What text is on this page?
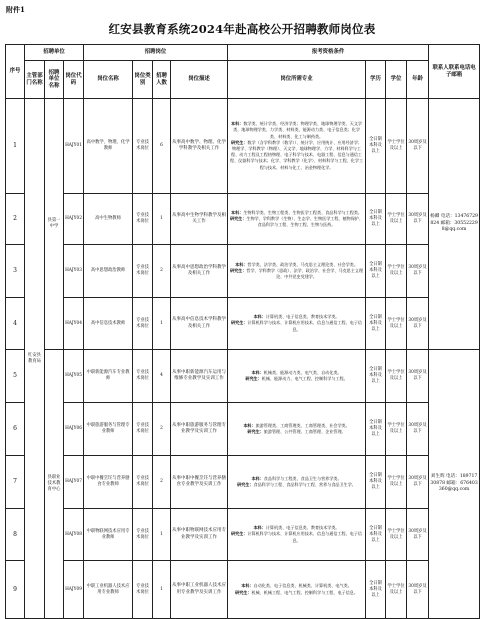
附件1
红安县教育系统2024年赴高校公开招聘教师岗位表
序号	招聘单位			招聘岗位				报考资格条件				联系人联系电话电子邮箱
	主管部门名称	招聘单位名称	岗位代码	岗位名称	岗位类别	招聘人数	岗位描述	岗位所需专业	学历	学位	年龄	
1	红安县教育局	县第一中学	HAJY01	高中数学、物理、化学教师	专业技术岗位	6	从事高中数学、物理、化学学科教学及相关工作	本科：数学类、统计学类、经济学类；物理学类、地球物理学类、天文学类、地球物理学类、力学类、材料类、能源动力类、电子信息类；化学类、材料类、化工与制药类。
研究生：数学（含学科教学（数学））、统计学、应用统计、应用经济学；物理学、学科教学（物理）、天文学、地球物理学、力学、材料科学与工程、动力工程及工程热物理、电子科学与技术、电器工程、信息与通信工程、仪器科学与技术；化学、学科教学（化学）、材料科学与工程、化学工程与技术、材料与化工、冶金物理化学。	全日制本科及以上	学士学位及以上	30周岁及以下	杨卿 电话：13476729824 邮箱：305522298@qq.com
2			HAJY02	高中生物教师	专业技术岗位	1	从事高中生物学科教学及相关工作	本科：生物科学类、生物工程类、生物医学工程类、食品科学与工程类。
研究生：生物学、学科教学（生物）、生态学、生物医学工程、植物保护、食品科学与工程、生物工程、生物与医药。	全日制本科及以上	学士学位及以上	30周岁及以下	
3			HAJY03	高中思想政治教师	专业技术岗位	2	从事高中思想政治学科教学及相关工作	本科：哲学类、法学类、政治学类、马克思主义理论类、社会学类。
研究生：哲学、学科教学（思政）、法学、政治学、社会学、马克思主义理论、中共党史党建学。	全日制本科及以上	学士学位及以上	30周岁及以下	
4			HAJY04	高中信息技术教师	专业技术岗位	1	从事高中信息技术学科教学及相关工作	本科：计算机类、电子信息类、教育技术学类。
研究生：计算机科学与技术、计算机应用技术、信息与通信工程、电子信息。	全日制本科及以上	学士学位及以上	30周岁及以下	
5		县职业技术教育中心	HAJY05	中职新能源汽车专业教师	专业技术岗位	4	从事中职新能源汽车运用与维修专业教学及实训工作	本科：机械类、能源动力类、电气类、自动化类。
研究生：机械、能源动力、电气工程、控制科学与工程。	全日制本科及以上	学士学位及以上	30周岁及以下	刘生辉 电话：18971730878 邮箱：676403360@qq.com
6			HAJY06	中职旅游服务与管理专业教师	专业技术岗位	2	从事中职旅游服务与管理专业教学及实训工作	本科：旅游管理类、工商管理类、工商管理类、社会学类。
研究生：旅游管理、公共管理、工商管理、企业管理。	全日制本科及以上	学士学位及以上	30周岁及以下	
7			HAJY07	中职中餐烹饪与营养膳食专业教师	专业技术岗位	2	从事中职中餐烹饪与营养膳食专业教学及实训工作	本科：食品科学与工程类、食品卫生与营养学类。
研究生：食品科学与工程、食品科学与工程、营养与食品卫生学。	全日制本科及以上	学士学位及以上	30周岁及以下	
8			HAJY08	中职物联网技术应用专业教师	专业技术岗位	1	从事中职物联网技术应用专业教学及实训工作	本科：计算机类、电子信息类、教育技术学类。
研究生：计算机科学与技术、计算机应用技术、信息与通信工程、电子信息。	全日制本科及以上	学士学位及以上	30周岁及以下	
9			HAJY09	中职工业机器人技术应用专业教师	专业技术岗位	1	从事中职工业机器人技术应用专业教学及实训工作	本科：自动化类、电子信息类、机械类、计算机类、电气类。
研究生：机械、机械工程、电气工程、控制科学与工程、电子信息。	全日制本科及以上	学士学位及以上	30周岁及以下	
